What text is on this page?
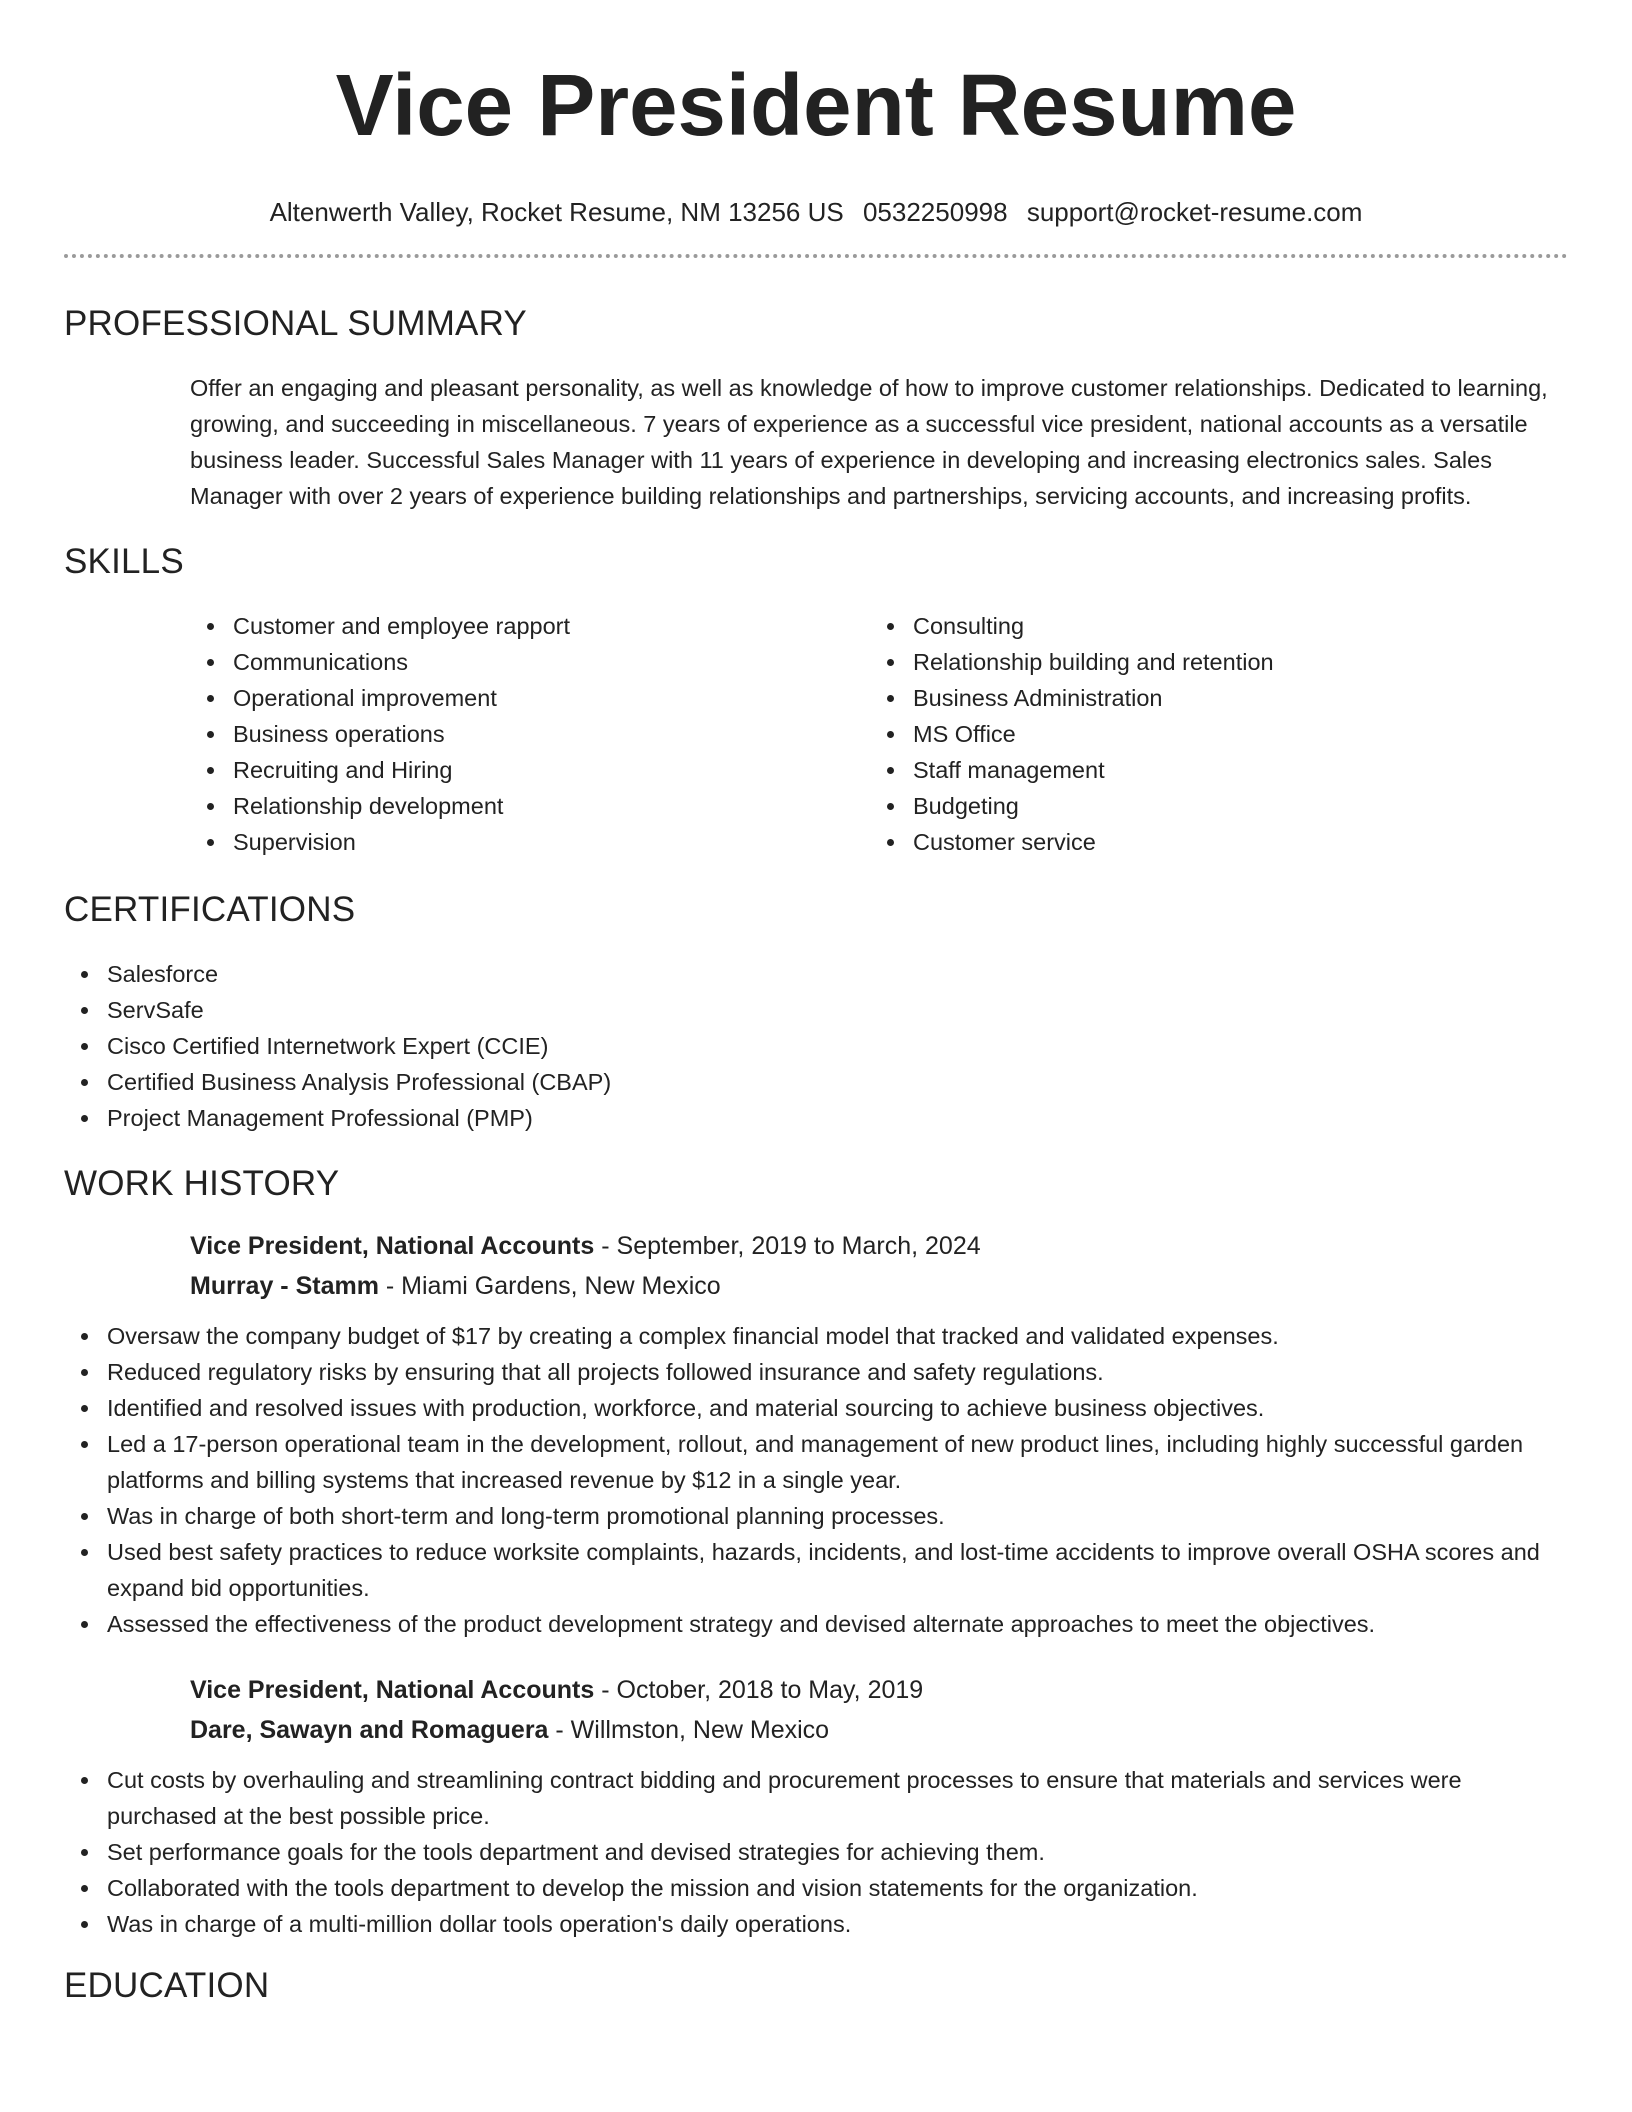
Vice President Resume
Altenwerth Valley, Rocket Resume, NM 13256 US 0532250998 support@rocket-resume.com
PROFESSIONAL SUMMARY

Offer an engaging and pleasant personality, as well as knowledge of how to improve customer relationships. Dedicated to learning, growing, and succeeding in miscellaneous. 7 years of experience as a successful vice president, national accounts as a versatile business leader. Successful Sales Manager with 11 years of experience in developing and increasing electronics sales. Sales Manager with over 2 years of experience building relationships and partnerships, servicing accounts, and increasing profits.

SKILLS
Customer and employee rapport
Communications
Operational improvement
Business operations
Recruiting and Hiring
Relationship development
Supervision
Consulting
Relationship building and retention
Business Administration
MS Office
Staff management
Budgeting
Customer service
CERTIFICATIONS
Salesforce
ServSafe
Cisco Certified Internetwork Expert (CCIE)
Certified Business Analysis Professional (CBAP)
Project Management Professional (PMP)
WORK HISTORY
Vice President, National Accounts - September, 2019 to March, 2024
Murray - Stamm - Miami Gardens, New Mexico
Oversaw the company budget of $17 by creating a complex financial model that tracked and validated expenses.
Reduced regulatory risks by ensuring that all projects followed insurance and safety regulations.
Identified and resolved issues with production, workforce, and material sourcing to achieve business objectives.
Led a 17-person operational team in the development, rollout, and management of new product lines, including highly successful garden platforms and billing systems that increased revenue by $12 in a single year.
Was in charge of both short-term and long-term promotional planning processes.
Used best safety practices to reduce worksite complaints, hazards, incidents, and lost-time accidents to improve overall OSHA scores and expand bid opportunities.
Assessed the effectiveness of the product development strategy and devised alternate approaches to meet the objectives.
Vice President, National Accounts - October, 2018 to May, 2019
Dare, Sawayn and Romaguera - Willmston, New Mexico
Cut costs by overhauling and streamlining contract bidding and procurement processes to ensure that materials and services were purchased at the best possible price.
Set performance goals for the tools department and devised strategies for achieving them.
Collaborated with the tools department to develop the mission and vision statements for the organization.
Was in charge of a multi-million dollar tools operation's daily operations.
EDUCATION
